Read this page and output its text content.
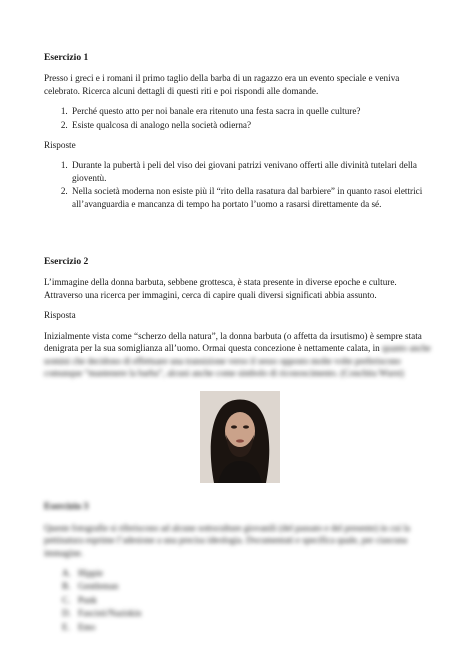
Esercizio 1

Presso i greci e i romani il primo taglio della barba di un ragazzo era un evento speciale e veniva celebrato. Ricerca alcuni dettagli di questi riti e poi rispondi alle domande.

1. Perché questo atto per noi banale era ritenuto una festa sacra in quelle culture?
2. Esiste qualcosa di analogo nella società odierna?
Risposte
1. Durante la pubertà i peli del viso dei giovani patrizi venivano offerti alle divinità tutelari della gioventù.
2. Nella società moderna non esiste più il “rito della rasatura dal barbiere” in quanto rasoi elettrici all’avanguardia e mancanza di tempo ha portato l’uomo a rasarsi direttamente da sé.
Esercizio 2

L’immagine della donna barbuta, sebbene grottesca, è stata presente in diverse epoche e culture. Attraverso una ricerca per immagini, cerca di capire quali diversi significati abbia assunto.

Risposta
Inizialmente vista come “scherzo della natura”, la donna barbuta (o affetta da irsutismo) è sempre stata denigrata per la sua somiglianza all’uomo. Ormai questa concezione è nettamente calata, in quanto anche uomini che decidono di effettuare una transizione verso il sesso opposto molte volte preferiscono comunque “mantenere la barba”, alcuni anche come simbolo di riconoscimento. (Conchita Wurst)
Esercizio 3

Queste fotografie si riferiscono ad alcune sottoculture giovanili (del passato e del presente) in cui la pettinatura esprime l’adesione a una precisa ideologia. Documentati e specifica quale, per ciascuna immagine.

A. Hippie
B. Gentleman
C. Punk
D. Fascisti/Naziskin
E. Emo
